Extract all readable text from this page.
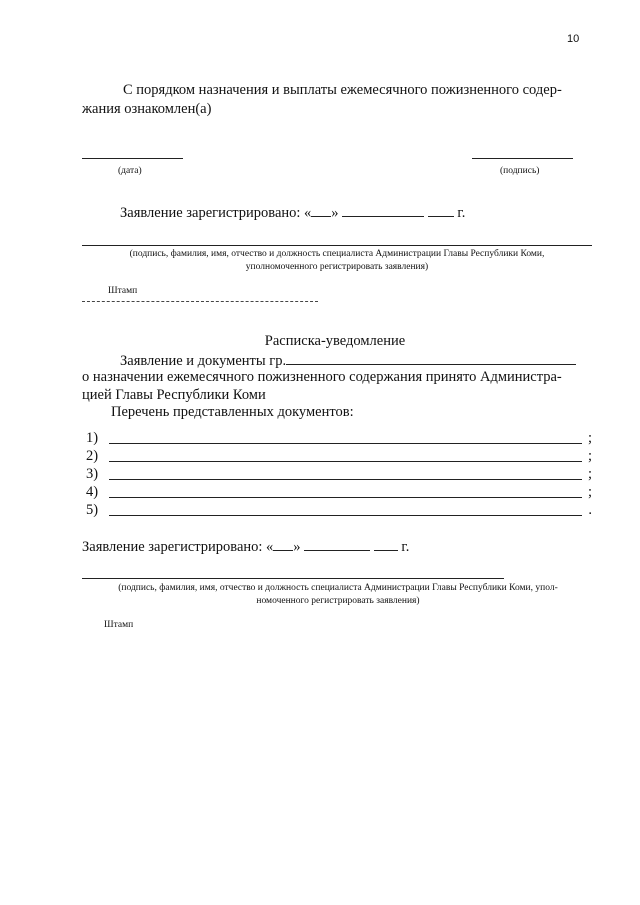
10
С порядком назначения и выплаты ежемесячного пожизненного содер-
жания ознакомлен(а)
(дата)	(подпись)
Заявление зарегистрировано: « »	г.
(подпись, фамилия, имя, отчество и должность специалиста Администрации Главы Республики Коми,
уполномоченного регистрировать заявления)
Штамп
Расписка-уведомление
Заявление и документы гр.
о назначении ежемесячного пожизненного содержания принято Администра-
цией Главы Республики Коми
Перечень представленных документов:
1)	;
2)	;
3)	;
4)	;
5)	.
Заявление зарегистрировано: « »	г.
(подпись, фамилия, имя, отчество и должность специалиста Администрации Главы Республики Коми, упол-
номоченного регистрировать заявления)
Штамп
